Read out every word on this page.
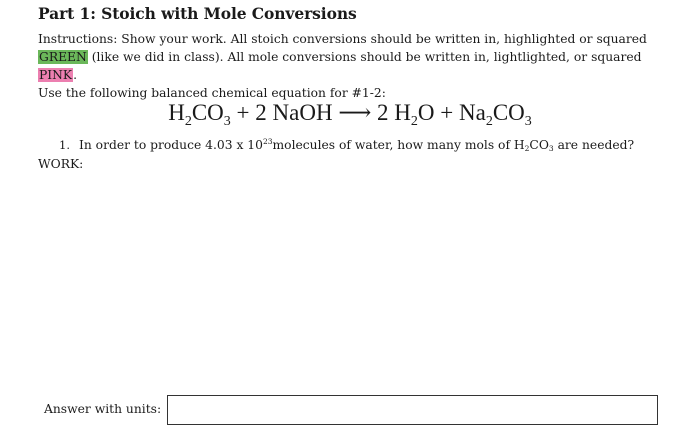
Part 1: Stoich with Mole Conversions
Instructions: Show your work. All stoich conversions should be written in, highlighted or squared GREEN (like we did in class). All mole conversions should be written in, lightlighted, or squared PINK.
Use the following balanced chemical equation for #1-2:
$H_2CO_3 + 2$ NaOH ⟶ 2 $H_2O + Na_2CO_3$
1. In order to produce 4.03 x $10^{23}molecules$ of water, how many mols of $H_2CO_3$ are needed?
WORK:
Answer with units:
